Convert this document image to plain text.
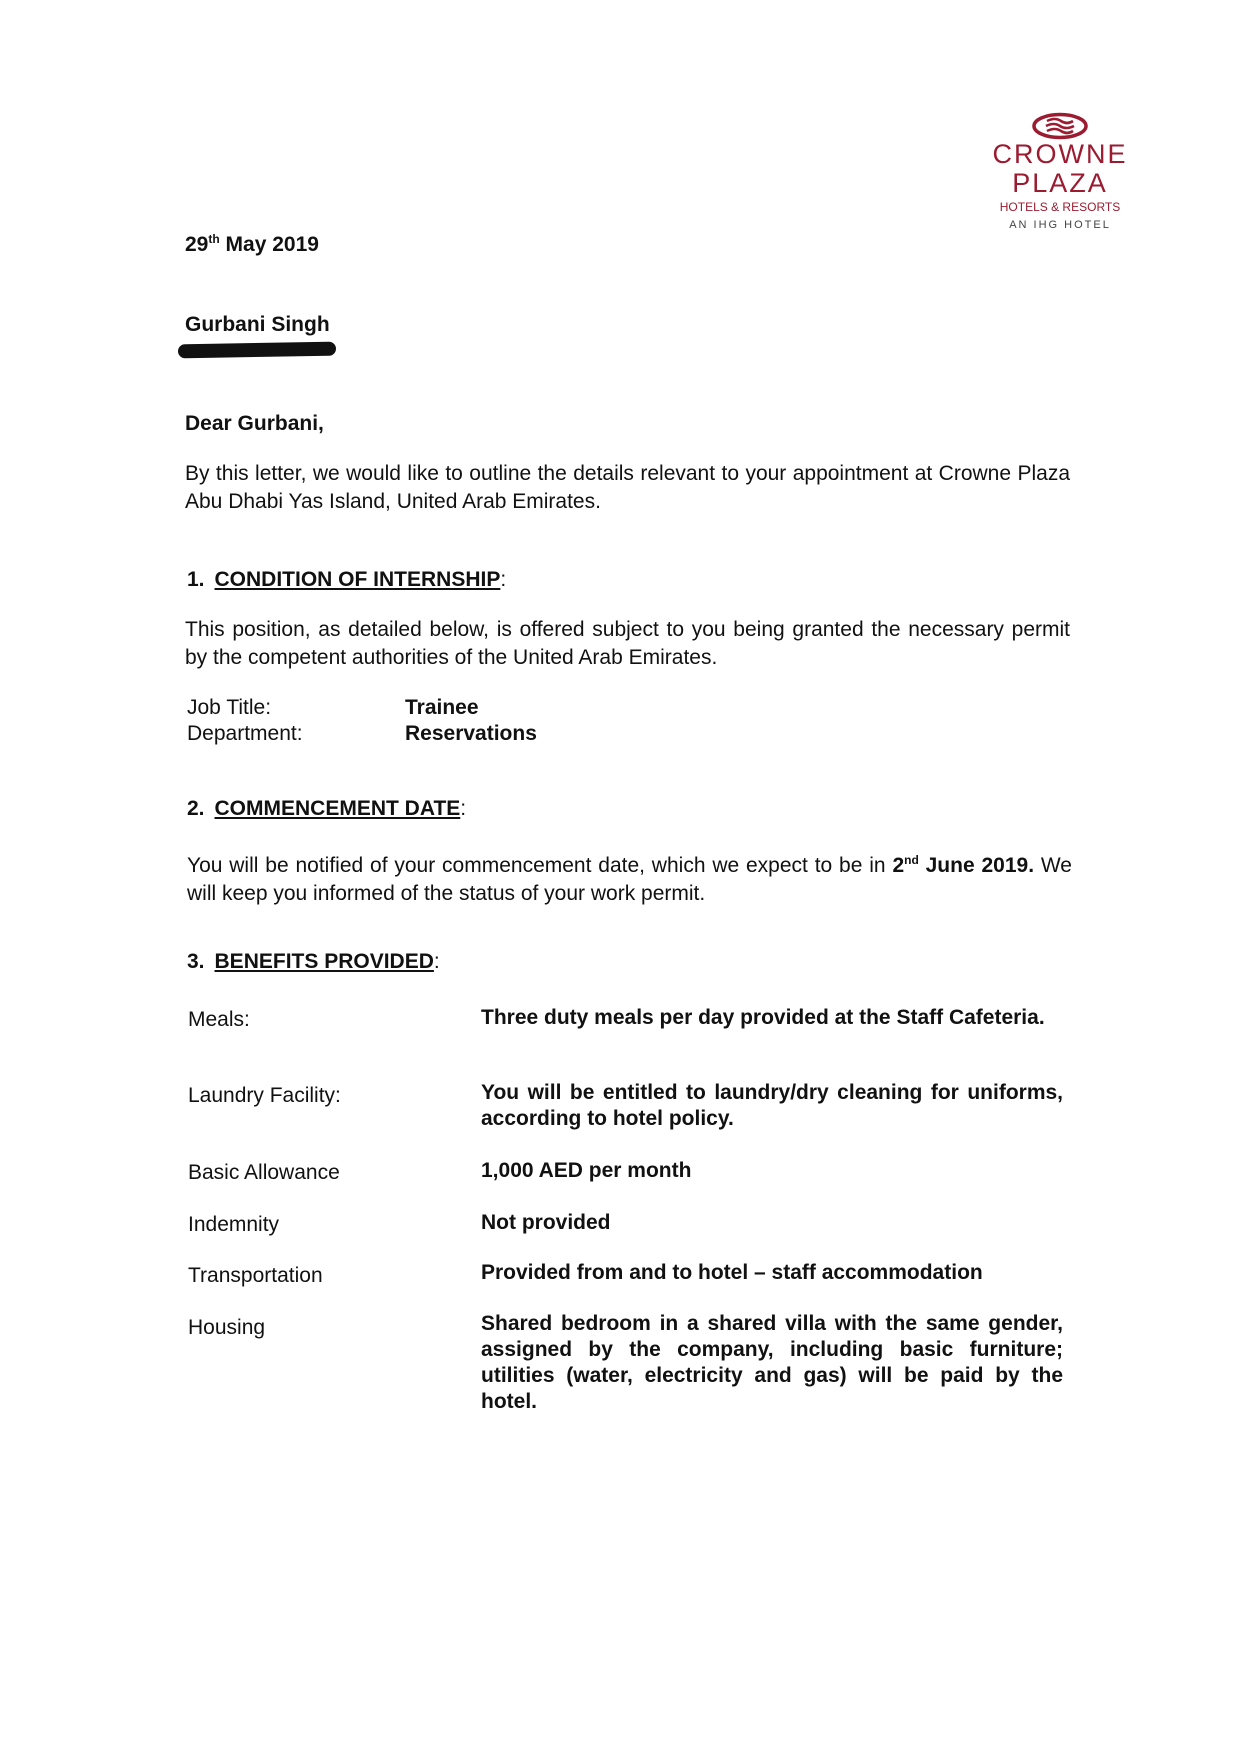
CROWNE
PLAZA
HOTELS & RESORTS
AN IHG HOTEL
29th May 2019
Gurbani Singh
Dear Gurbani,
By this letter, we would like to outline the details relevant to your appointment at Crowne Plaza Abu Dhabi Yas Island, United Arab Emirates.
1. CONDITION OF INTERNSHIP:
This position, as detailed below, is offered subject to you being granted the necessary permit by the competent authorities of the United Arab Emirates.
Job Title:	Trainee
Department:	Reservations
2. COMMENCEMENT DATE:
You will be notified of your commencement date, which we expect to be in 2nd June 2019. We will keep you informed of the status of your work permit.
3. BENEFITS PROVIDED:
Meals:	Three duty meals per day provided at the Staff Cafeteria.
Laundry Facility:	You will be entitled to laundry/dry cleaning for uniforms, according to hotel policy.
Basic Allowance	1,000 AED per month
Indemnity	Not provided
Transportation	Provided from and to hotel – staff accommodation
Housing	Shared bedroom in a shared villa with the same gender, assigned by the company, including basic furniture; utilities (water, electricity and gas) will be paid by the hotel.
